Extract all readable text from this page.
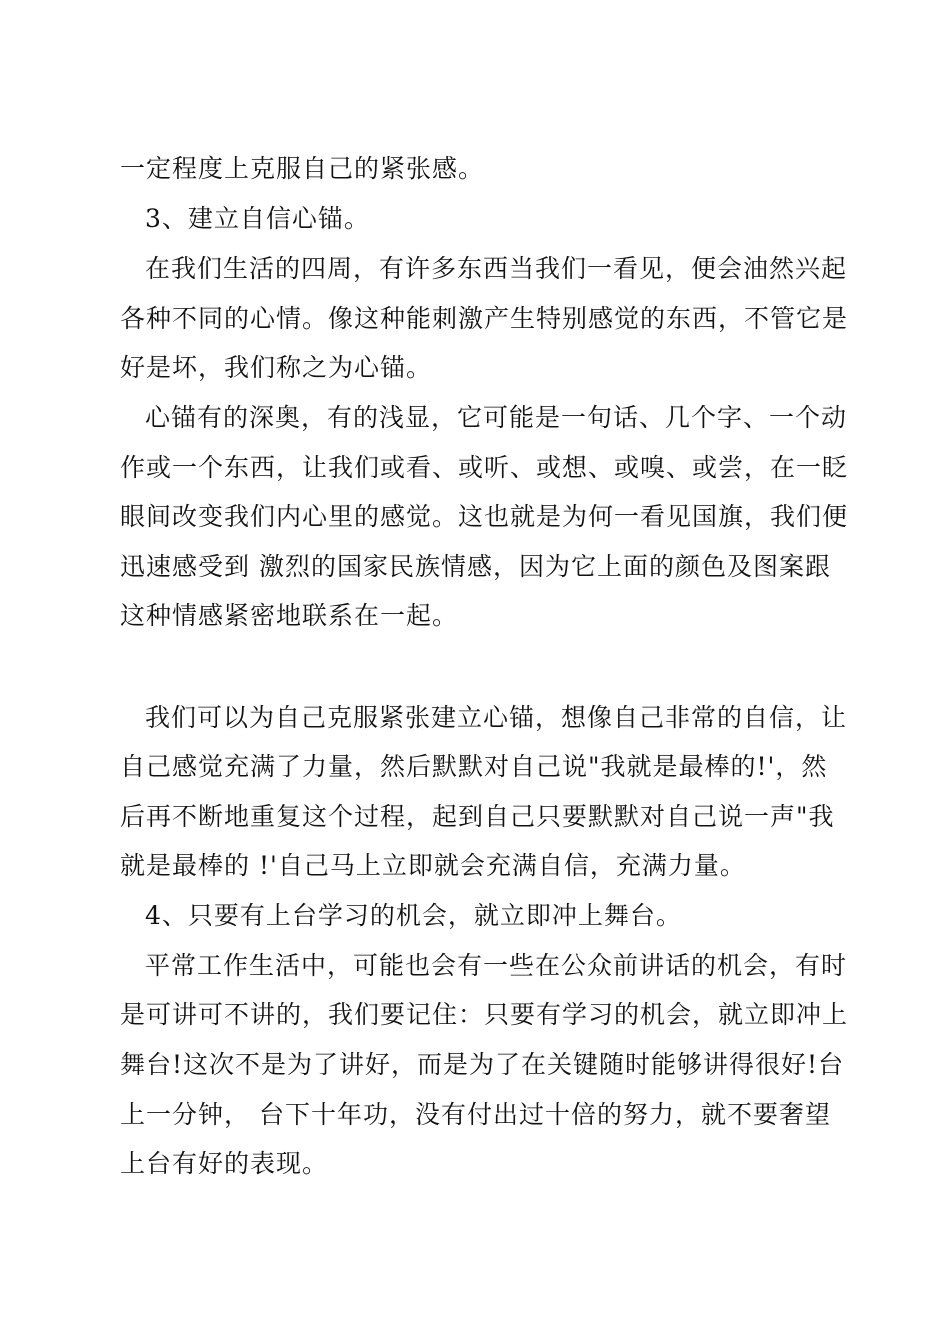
一定程度上克服自己的紧张感。
3、建立自信心锚。
在我们生活的四周，有许多东西当我们一看见，便会油然兴起
各种不同的心情。像这种能刺激产生特别感觉的东西，不管它是
好是坏，我们称之为心锚。
心锚有的深奥，有的浅显，它可能是一句话、几个字、一个动
作或一个东西，让我们或看、或听、或想、或嗅、或尝，在一眨
眼间改变我们内心里的感觉。这也就是为何一看见国旗，我们便
迅速感受到 激烈的国家民族情感，因为它上面的颜色及图案跟
这种情感紧密地联系在一起。
我们可以为自己克服紧张建立心锚，想像自己非常的自信，让
自己感觉充满了力量，然后默默对自己说"我就是最棒的!'，然
后再不断地重复这个过程，起到自己只要默默对自己说一声"我
就是最棒的 !'自己马上立即就会充满自信，充满力量。
4、只要有上台学习的机会，就立即冲上舞台。
平常工作生活中，可能也会有一些在公众前讲话的机会，有时
是可讲可不讲的，我们要记住：只要有学习的机会，就立即冲上
舞台!这次不是为了讲好，而是为了在关键随时能够讲得很好!台
上一分钟， 台下十年功，没有付出过十倍的努力，就不要奢望
上台有好的表现。
